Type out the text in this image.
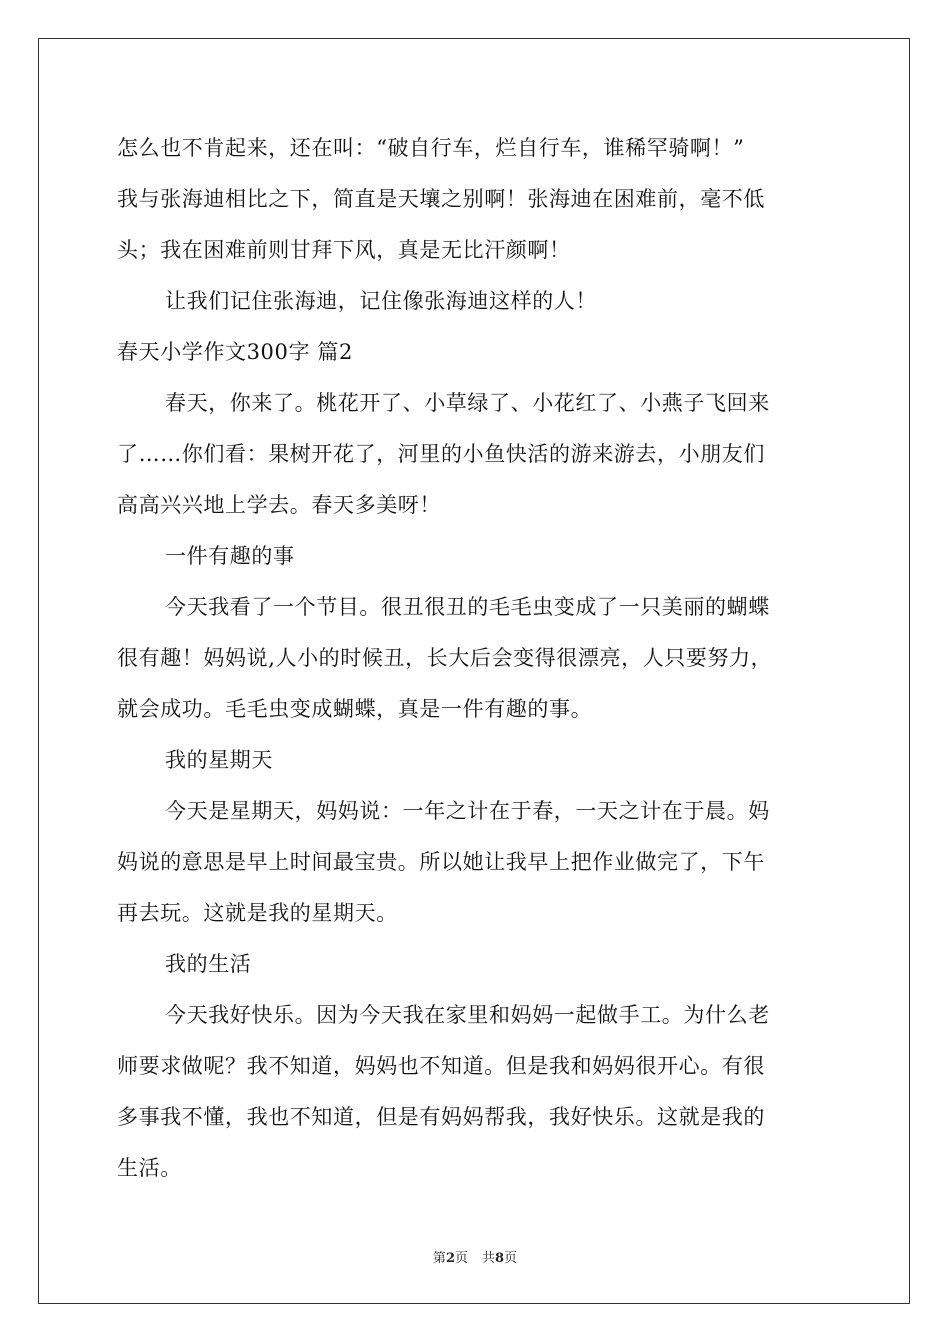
怎么也不肯起来，还在叫：“破自行车，烂自行车，谁稀罕骑啊！”
我与张海迪相比之下，简直是天壤之别啊！张海迪在困难前，毫不低
头；我在困难前则甘拜下风，真是无比汗颜啊！
让我们记住张海迪，记住像张海迪这样的人！
春天小学作文300字 篇2
春天，你来了。桃花开了、小草绿了、小花红了、小燕子飞回来
了……你们看：果树开花了，河里的小鱼快活的游来游去，小朋友们
高高兴兴地上学去。春天多美呀！
一件有趣的事
今天我看了一个节目。很丑很丑的毛毛虫变成了一只美丽的蝴蝶
很有趣！妈妈说,人小的时候丑，长大后会变得很漂亮，人只要努力，
就会成功。毛毛虫变成蝴蝶，真是一件有趣的事。
我的星期天
今天是星期天，妈妈说：一年之计在于春，一天之计在于晨。妈
妈说的意思是早上时间最宝贵。所以她让我早上把作业做完了，下午
再去玩。这就是我的星期天。
我的生活
今天我好快乐。因为今天我在家里和妈妈一起做手工。为什么老
师要求做呢？我不知道，妈妈也不知道。但是我和妈妈很开心。有很
多事我不懂，我也不知道，但是有妈妈帮我，我好快乐。这就是我的
生活。
第2页 共8页
